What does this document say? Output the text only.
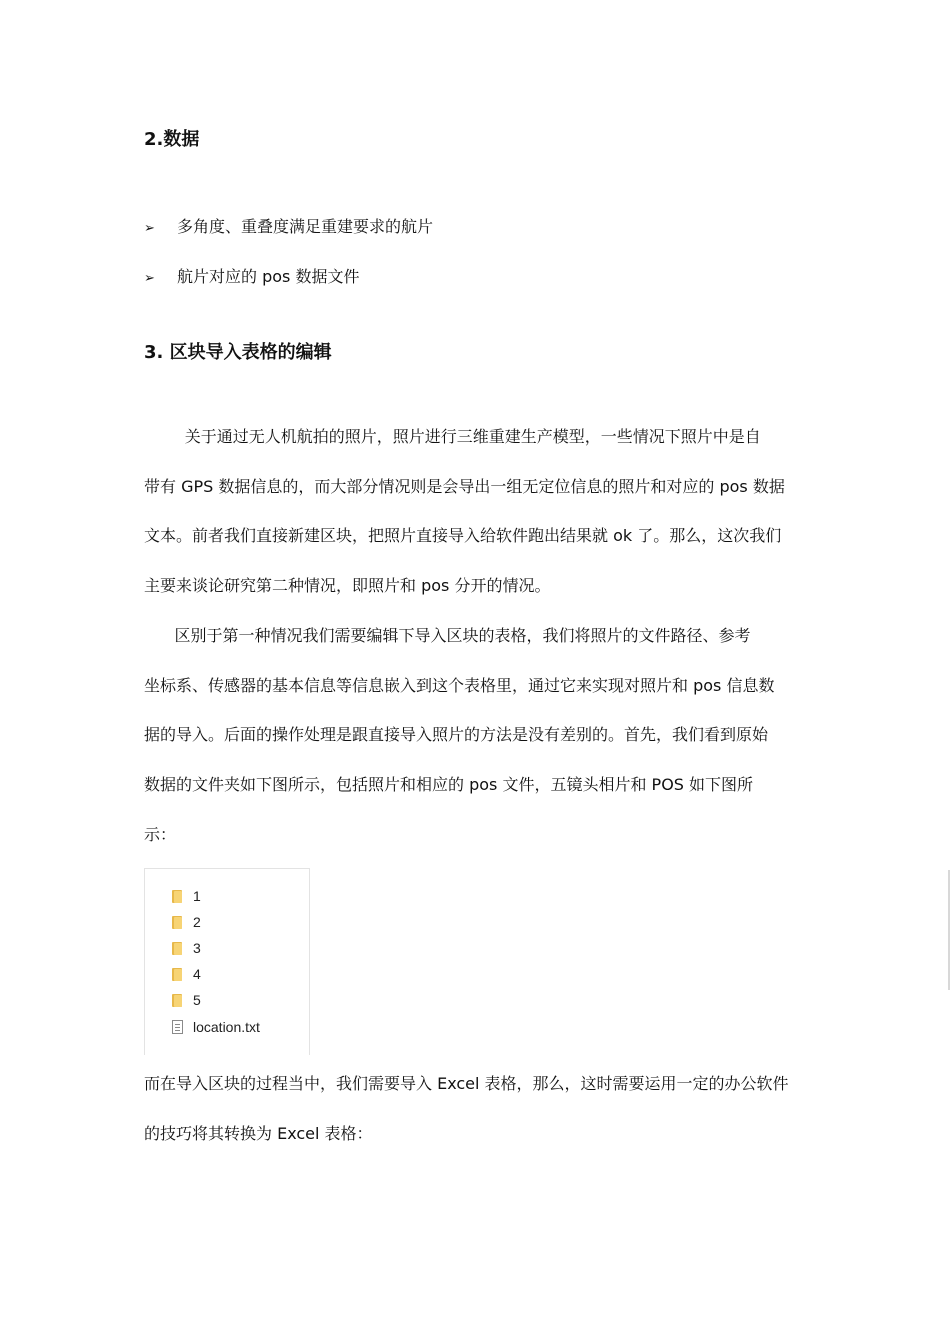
2.数据
➢ 多角度、重叠度满足重建要求的航片
➢ 航片对应的 pos 数据文件
3. 区块导入表格的编辑
关于通过无人机航拍的照片，照片进行三维重建生产模型，一些情况下照片中是自
带有 GPS 数据信息的，而大部分情况则是会导出一组无定位信息的照片和对应的 pos 数据
文本。前者我们直接新建区块，把照片直接导入给软件跑出结果就 ok 了。那么，这次我们
主要来谈论研究第二种情况，即照片和 pos 分开的情况。
区别于第一种情况我们需要编辑下导入区块的表格，我们将照片的文件路径、参考
坐标系、传感器的基本信息等信息嵌入到这个表格里，通过它来实现对照片和 pos 信息数
据的导入。后面的操作处理是跟直接导入照片的方法是没有差别的。首先，我们看到原始
数据的文件夹如下图所示，包括照片和相应的 pos 文件，五镜头相片和 POS 如下图所
示：
1
2
3
4
5
location.txt
而在导入区块的过程当中，我们需要导入 Excel 表格，那么，这时需要运用一定的办公软件
的技巧将其转换为 Excel 表格：
